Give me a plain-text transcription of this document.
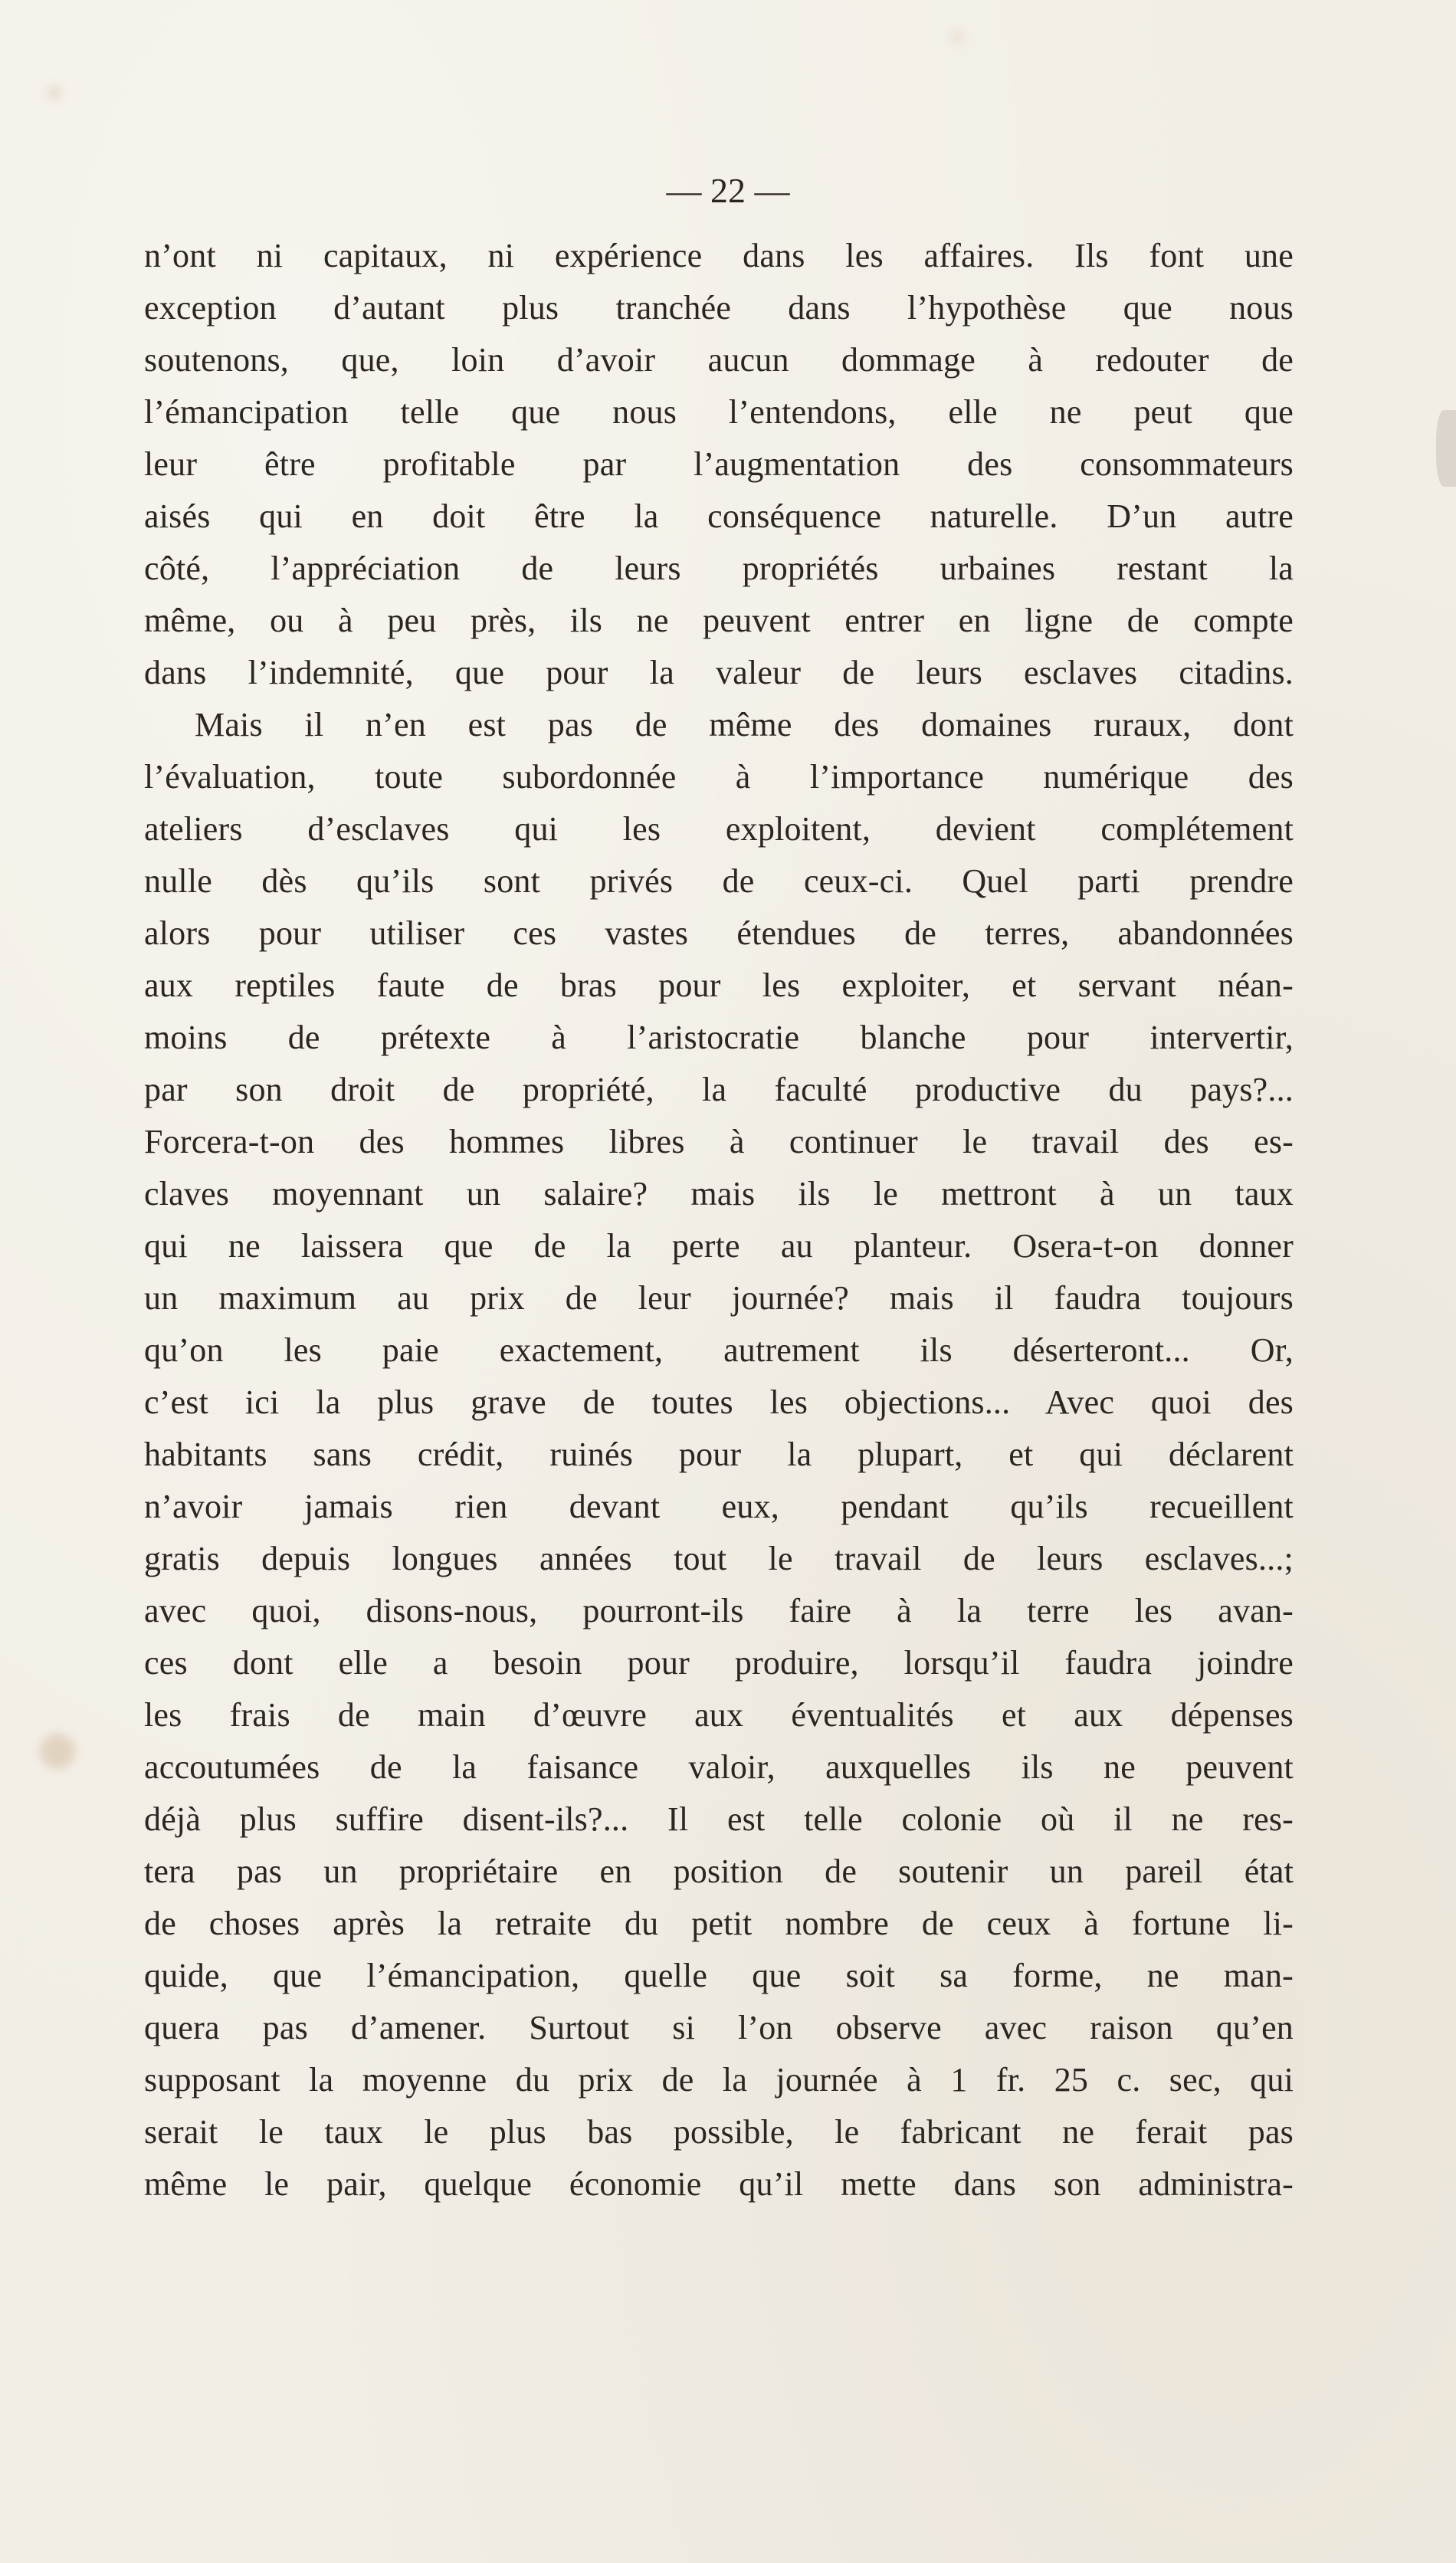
— 22 —

n’ont ni capitaux, ni expérience dans les affaires. Ils font une
exception d’autant plus tranchée dans l’hypothèse que nous
soutenons, que, loin d’avoir aucun dommage à redouter de
l’émancipation telle que nous l’entendons, elle ne peut que
leur être profitable par l’augmentation des consommateurs
aisés qui en doit être la conséquence naturelle. D’un autre
côté, l’appréciation de leurs propriétés urbaines restant la
même, ou à peu près, ils ne peuvent entrer en ligne de compte
dans l’indemnité, que pour la valeur de leurs esclaves citadins.
Mais il n’en est pas de même des domaines ruraux, dont
l’évaluation, toute subordonnée à l’importance numérique des
ateliers d’esclaves qui les exploitent, devient complétement
nulle dès qu’ils sont privés de ceux-ci. Quel parti prendre
alors pour utiliser ces vastes étendues de terres, abandonnées
aux reptiles faute de bras pour les exploiter, et servant néan-
moins de prétexte à l’aristocratie blanche pour intervertir,
par son droit de propriété, la faculté productive du pays?...
Forcera-t-on des hommes libres à continuer le travail des es-
claves moyennant un salaire? mais ils le mettront à un taux
qui ne laissera que de la perte au planteur. Osera-t-on donner
un maximum au prix de leur journée? mais il faudra toujours
qu’on les paie exactement, autrement ils déserteront... Or,
c’est ici la plus grave de toutes les objections... Avec quoi des
habitants sans crédit, ruinés pour la plupart, et qui déclarent
n’avoir jamais rien devant eux, pendant qu’ils recueillent
gratis depuis longues années tout le travail de leurs esclaves...;
avec quoi, disons-nous, pourront-ils faire à la terre les avan-
ces dont elle a besoin pour produire, lorsqu’il faudra joindre
les frais de main d’œuvre aux éventualités et aux dépenses
accoutumées de la faisance valoir, auxquelles ils ne peuvent
déjà plus suffire disent-ils?... Il est telle colonie où il ne res-
tera pas un propriétaire en position de soutenir un pareil état
de choses après la retraite du petit nombre de ceux à fortune li-
quide, que l’émancipation, quelle que soit sa forme, ne man-
quera pas d’amener. Surtout si l’on observe avec raison qu’en
supposant la moyenne du prix de la journée à 1 fr. 25 c. sec, qui
serait le taux le plus bas possible, le fabricant ne ferait pas
même le pair, quelque économie qu’il mette dans son administra-
